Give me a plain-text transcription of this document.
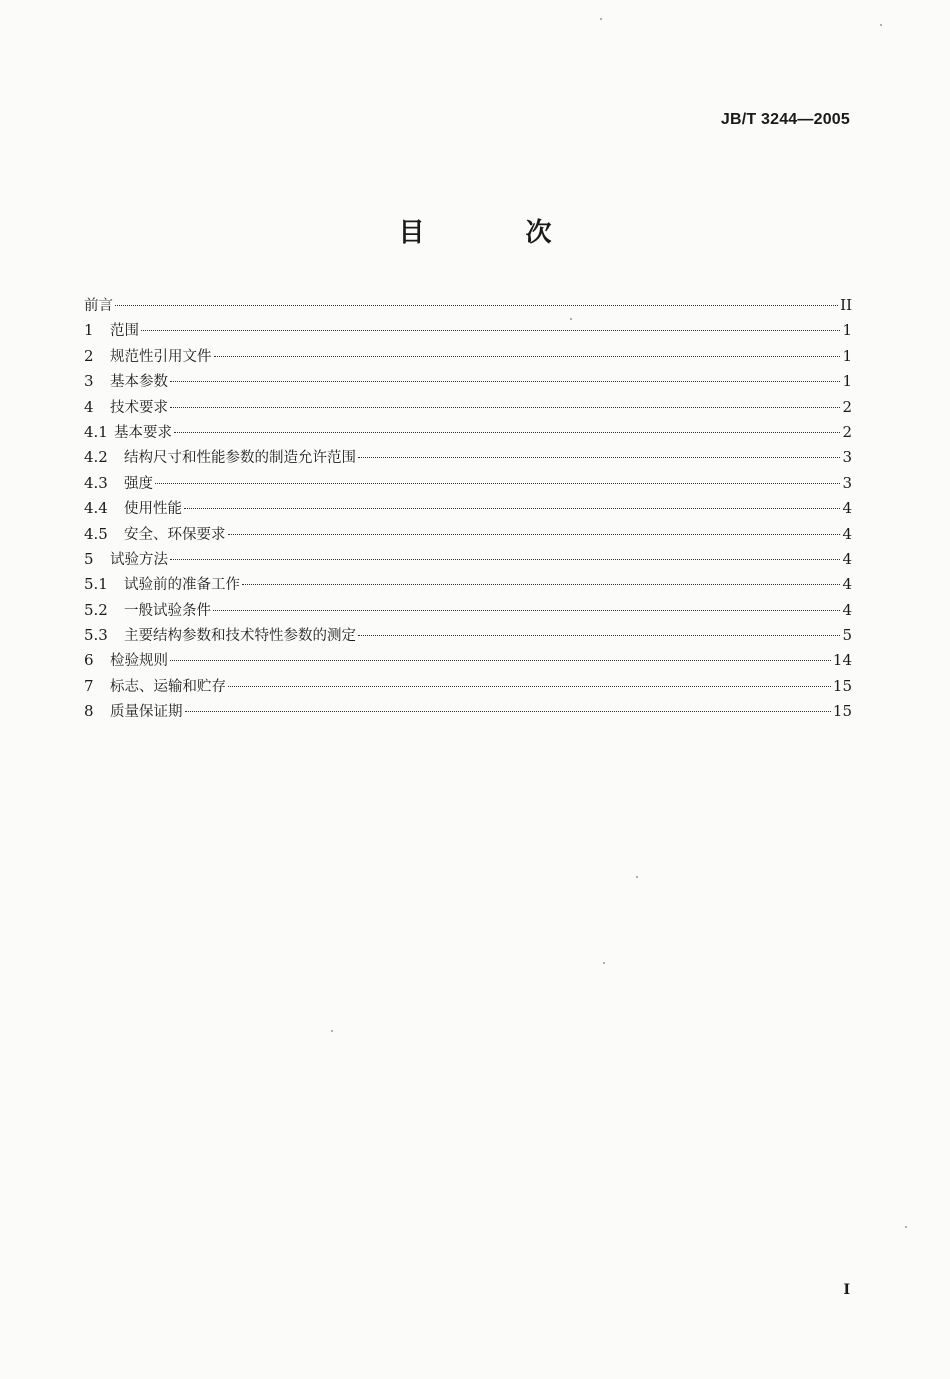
JB/T 3244—2005
目 次
前言	II
1	范围	1
2	规范性引用文件	1
3	基本参数	1
4	技术要求	2
4.1 基本要求	2
4.2	结构尺寸和性能参数的制造允许范围	3
4.3	强度	3
4.4	使用性能	4
4.5	安全、环保要求	4
5	试验方法	4
5.1	试验前的准备工作	4
5.2	一般试验条件	4
5.3	主要结构参数和技术特性参数的测定	5
6	检验规则	14
7	标志、运输和贮存	15
8	质量保证期	15
I
